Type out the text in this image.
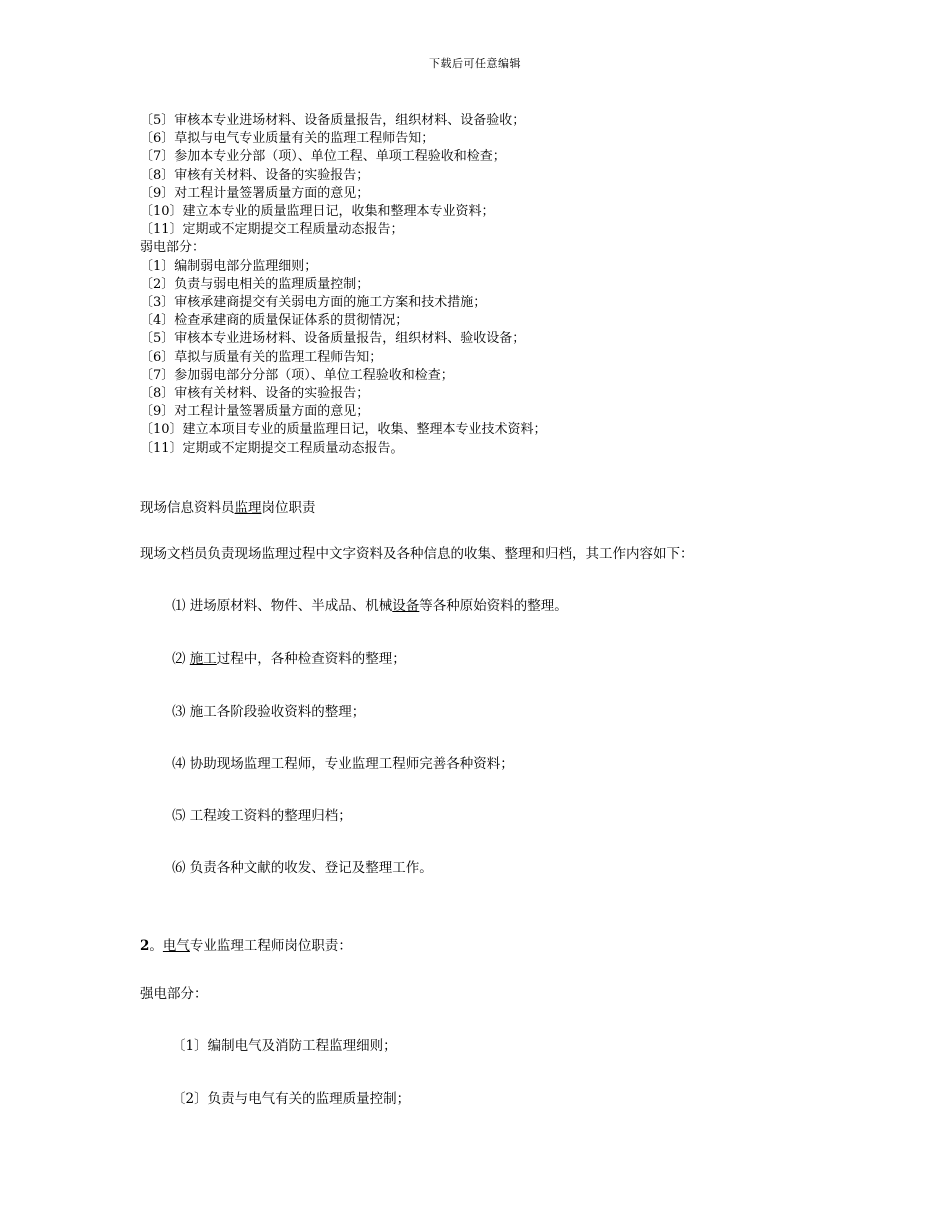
下载后可任意编辑
〔5〕审核本专业进场材料、设备质量报告，组织材料、设备验收；
〔6〕草拟与电气专业质量有关的监理工程师告知；
〔7〕参加本专业分部（项）、单位工程、单项工程验收和检查；
〔8〕审核有关材料、设备的实验报告；
〔9〕对工程计量签署质量方面的意见；
〔10〕建立本专业的质量监理日记，收集和整理本专业资料；
〔11〕定期或不定期提交工程质量动态报告；
弱电部分：
〔1〕编制弱电部分监理细则；
〔2〕负责与弱电相关的监理质量控制；
〔3〕审核承建商提交有关弱电方面的施工方案和技术措施；
〔4〕检查承建商的质量保证体系的贯彻情况；
〔5〕审核本专业进场材料、设备质量报告，组织材料、验收设备；
〔6〕草拟与质量有关的监理工程师告知；
〔7〕参加弱电部分分部（项）、单位工程验收和检查；
〔8〕审核有关材料、设备的实验报告；
〔9〕对工程计量签署质量方面的意见；
〔10〕建立本项目专业的质量监理日记，收集、整理本专业技术资料；
〔11〕定期或不定期提交工程质量动态报告。
现场信息资料员监理岗位职责
现场文档员负责现场监理过程中文字资料及各种信息的收集、整理和归档，其工作内容如下：
⑴ 进场原材料、物件、半成品、机械设备等各种原始资料的整理。
⑵ 施工过程中，各种检查资料的整理；
⑶ 施工各阶段验收资料的整理；
⑷ 协助现场监理工程师，专业监理工程师完善各种资料；
⑸ 工程竣工资料的整理归档；
⑹ 负责各种文献的收发、登记及整理工作。
2。电气专业监理工程师岗位职责：
强电部分：
〔1〕编制电气及消防工程监理细则；
〔2〕负责与电气有关的监理质量控制；
